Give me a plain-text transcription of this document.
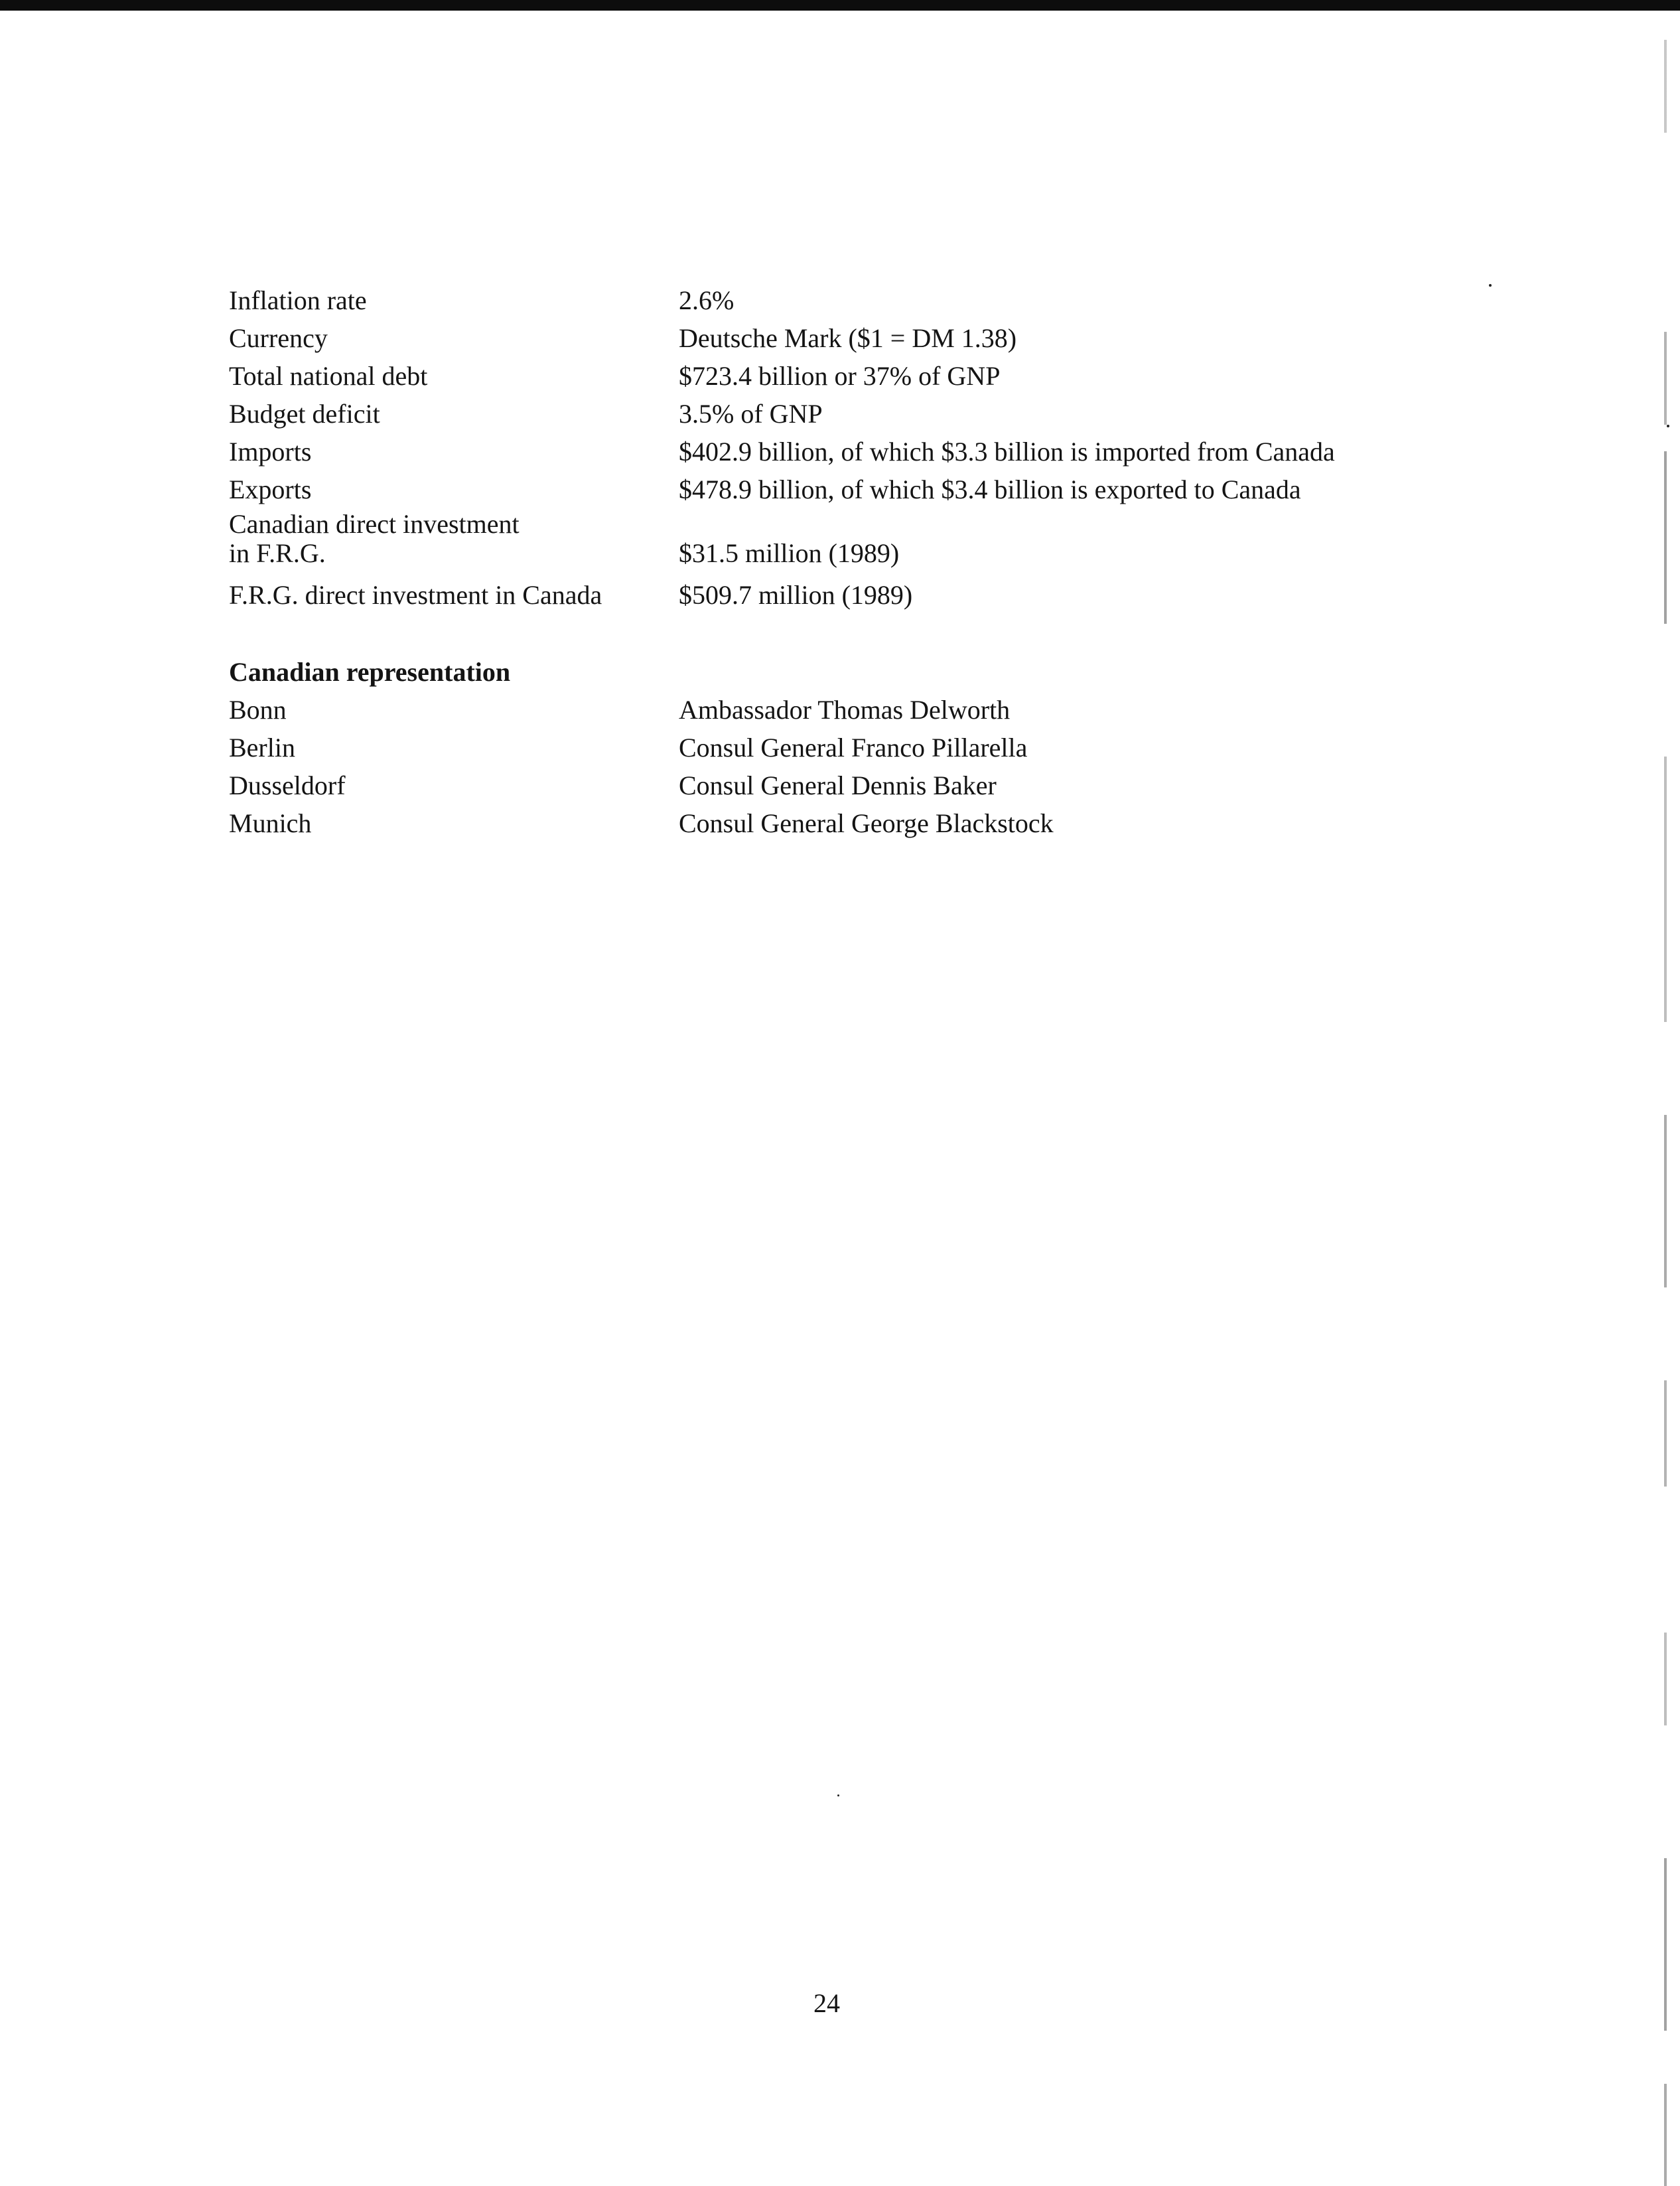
Inflation rate	2.6%
Currency	Deutsche Mark ($1 = DM 1.38)
Total national debt	$723.4 billion or 37% of GNP
Budget deficit	3.5% of GNP
Imports	$402.9 billion, of which $3.3 billion is imported from Canada
Exports	$478.9 billion, of which $3.4 billion is exported to Canada
Canadian direct investment
in F.R.G.	$31.5 million (1989)
F.R.G. direct investment in Canada	$509.7 million (1989)
Canadian representation
Bonn	Ambassador Thomas Delworth
Berlin	Consul General Franco Pillarella
Dusseldorf	Consul General Dennis Baker
Munich	Consul General George Blackstock
24
